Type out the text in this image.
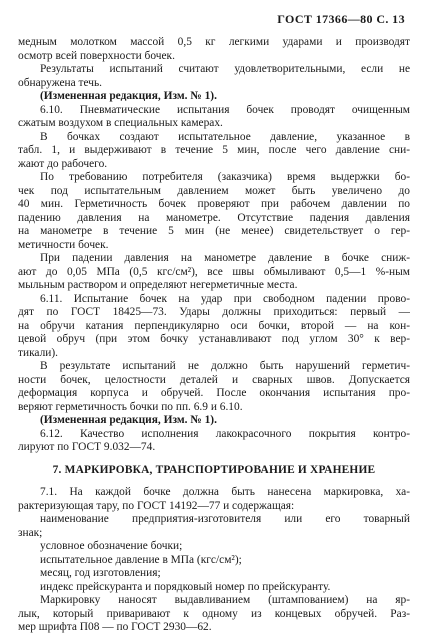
ГОСТ 17366—80 С. 13
медным молотком массой 0,5 кг легкими ударами и производят
осмотр всей поверхности бочек.
Результаты испытаний считают удовлетворительными, если не
обнаружена течь.
(Измененная редакция, Изм. № 1).
6.10. Пневматические испытания бочек проводят очищенным
сжатым воздухом в специальных камерах.
В бочках создают испытательное давление, указанное в
табл. 1, и выдерживают в течение 5 мин, после чего давление сни-
жают до рабочего.
По требованию потребителя (заказчика) время выдержки бо-
чек под испытательным давлением может быть увеличено до
40 мин. Герметичность бочек проверяют при рабочем давлении по
падению давления на манометре. Отсутствие падения давления
на манометре в течение 5 мин (не менее) свидетельствует о гер-
метичности бочек.
При падении давления на манометре давление в бочке сниж-
ают до 0,05 МПа (0,5 кгс/см²), все швы обмыливают 0,5—1 %-ным
мыльным раствором и определяют негерметичные места.
6.11. Испытание бочек на удар при свободном падении прово-
дят по ГОСТ 18425—73. Удары должны приходиться: первый —
на обручи катания перпендикулярно оси бочки, второй — на кон-
цевой обруч (при этом бочку устанавливают под углом 30° к вер-
тикали).
В результате испытаний не должно быть нарушений герметич-
ности бочек, целостности деталей и сварных швов. Допускается
деформация корпуса и обручей. После окончания испытания про-
веряют герметичность бочки по пп. 6.9 и 6.10.
(Измененная редакция, Изм. № 1).
6.12. Качество исполнения лакокрасочного покрытия контро-
лируют по ГОСТ 9.032—74.
7. МАРКИРОВКА, ТРАНСПОРТИРОВАНИЕ И ХРАНЕНИЕ
7.1. На каждой бочке должна быть нанесена маркировка, ха-
рактеризующая тару, по ГОСТ 14192—77 и содержащая:
наименование предприятия-изготовителя или его товарный
знак;
условное обозначение бочки;
испытательное давление в МПа (кгс/см²);
месяц, год изготовления;
индекс прейскуранта и порядковый номер по прейскуранту.
Маркировку наносят выдавливанием (штампованием) на яр-
лык, который приваривают к одному из концевых обручей. Раз-
мер шрифта П08 — по ГОСТ 2930—62.
